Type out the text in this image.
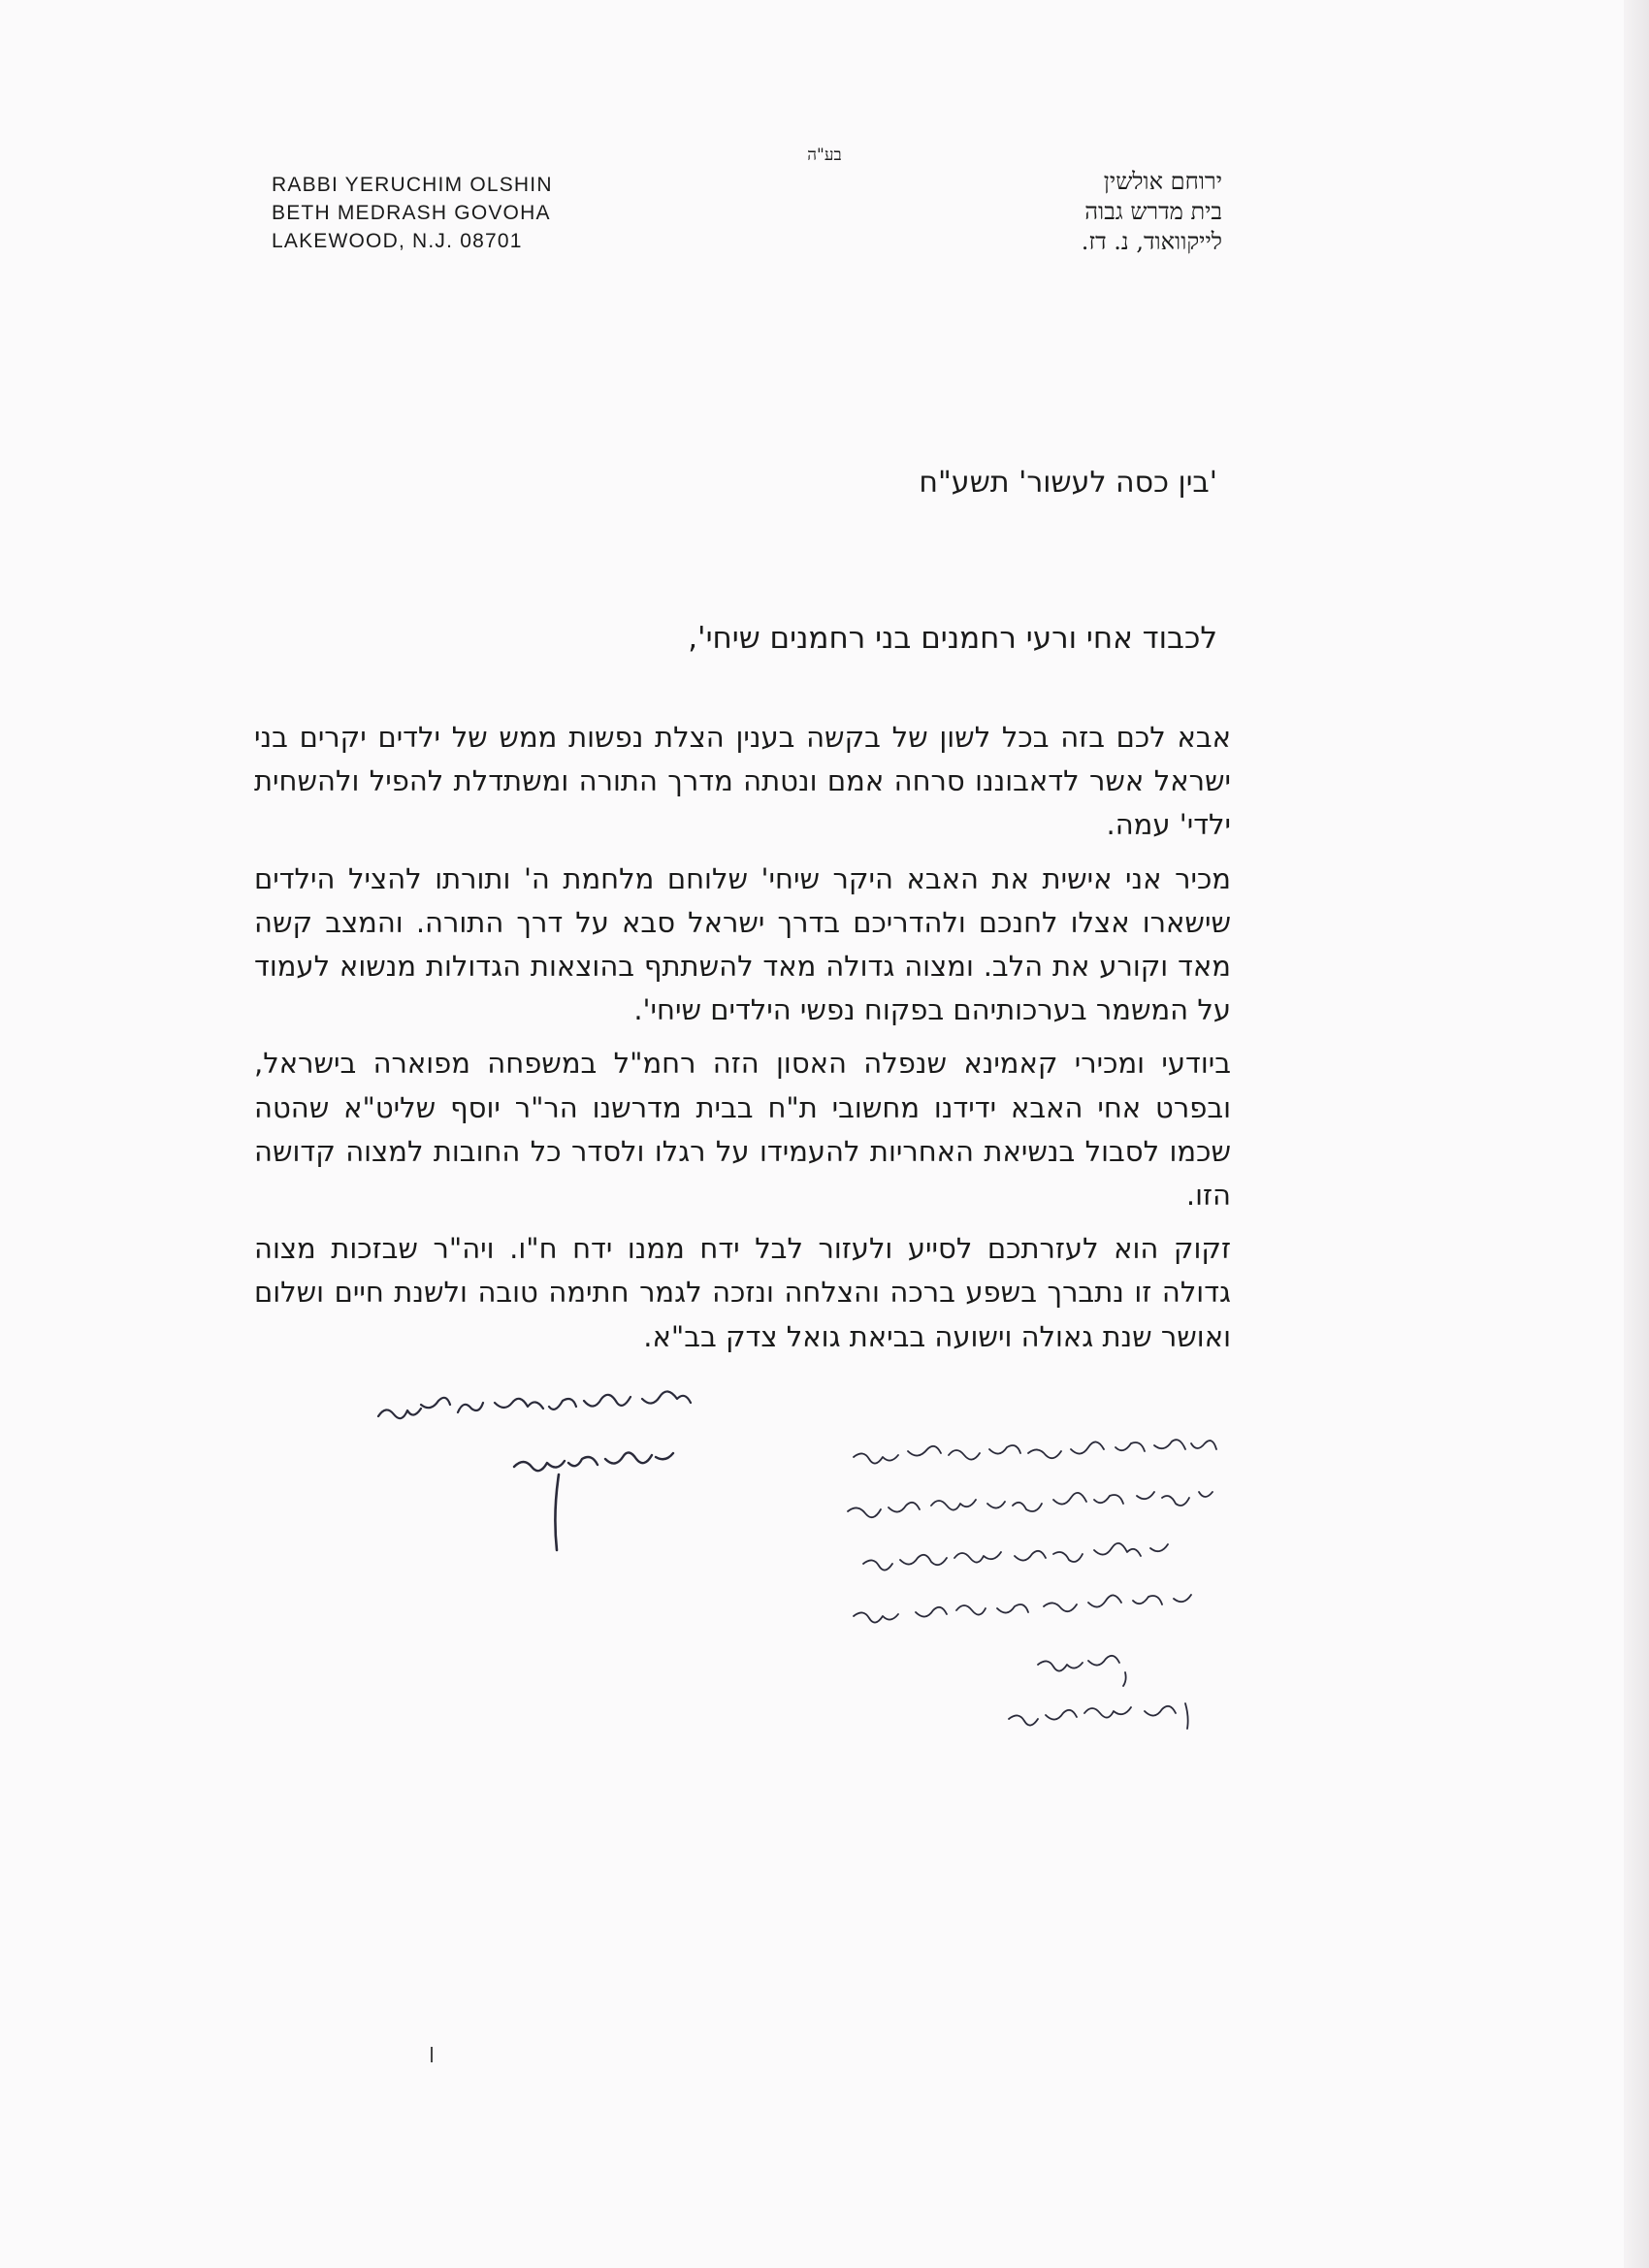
בע"ה
RABBI YERUCHIM OLSHIN
BETH MEDRASH GOVOHA
LAKEWOOD, N.J. 08701
ירוחם אולשין
בית מדרש גבוה
לייקוואוד, נ. דז.
'בין כסה לעשור' תשע"ח
לכבוד אחי ורעי רחמנים בני רחמנים שיחי',

אבא לכם בזה בכל לשון של בקשה בענין הצלת נפשות ממש של ילדים יקרים בני ישראל אשר לדאבוננו סרחה אמם ונטתה מדרך התורה ומשתדלת להפיל ולהשחית ילדי' עמה.

מכיר אני אישית את האבא היקר שיחי' שלוחם מלחמת ה' ותורתו להציל הילדים שישארו אצלו לחנכם ולהדריכם בדרך ישראל סבא על דרך התורה. והמצב קשה מאד וקורע את הלב. ומצוה גדולה מאד להשתתף בהוצאות הגדולות מנשוא לעמוד על המשמר בערכותיהם בפקוח נפשי הילדים שיחי'.

ביודעי ומכירי קאמינא שנפלה האסון הזה רחמ"ל במשפחה מפוארה בישראל, ובפרט אחי האבא ידידנו מחשובי ת"ח בבית מדרשנו הר"ר יוסף שליט"א שהטה שכמו לסבול בנשיאת האחריות להעמידו על רגלו ולסדר כל החובות למצוה קדושה הזו.

זקוק הוא לעזרתכם לסייע ולעזור לבל ידח ממנו ידח ח"ו. ויה"ר שבזכות מצוה גדולה זו נתברך בשפע ברכה והצלחה ונזכה לגמר חתימה טובה ולשנת חיים ושלום ואושר שנת גאולה וישועה בביאת גואל צדק בב"א.
